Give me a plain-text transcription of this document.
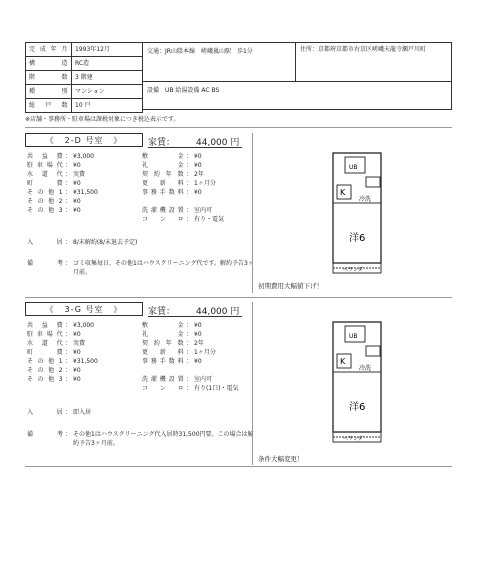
完成年月	1993年12月
構造	RC造
階数	3 階建
種別	マンション
総戸数	10 戸
交通：JR山陰本線　嵯峨嵐山駅　歩1分	住所：京都府京都市右京区嵯峨天龍寺瀬戸川町
設備　UB 給湯設備 AC BS
※店舗・事務所・駐車場は課税対象につき税込表示です。
《 2-D 号室 》	家賃： 44,000 円
共益費 ： ¥3,000
駐車場代 ： ¥0
水道代 ： 実費
町費 ： ¥0
その他1 ： ¥31,500
その他2 ： ¥0
その他3 ： ¥0
敷金 ： ¥0
礼金 ： ¥0
契約年数 ： 2年
更新料 ： 1ヶ月分
事務手数料 ： ¥0
洗濯機設置 ： 室内可
コンロ ： 有り・電気
入居 ： 8/末解約(8/末退去予定)
備考 ： ゴミ収集毎日、その他1はハウスクリーニング代です。解約予告3ヶ月前。
K
UB
冷洗
洋6
ベランダ
初期費用大幅値下げ！
《 3-G 号室 》	家賃： 44,000 円
共益費 ： ¥3,000
駐車場代 ： ¥0
水道代 ： 実費
町費 ： ¥0
その他1 ： ¥31,500
その他2 ： ¥0
その他3 ： ¥0
敷金 ： ¥0
礼金 ： ¥0
契約年数 ： 2年
更新料 ： 1ヶ月分
事務手数料 ： ¥0
洗濯機設置 ： 室内可
コンロ ： 有り(1口)・電気
入居 ： 即入居
備考 ： その他1はハウスクリーニング代入居時31,500円要。この場合は解約予告3ヶ月前。
K
UB
冷洗
洋6
ベランダ
条件大幅変更！
